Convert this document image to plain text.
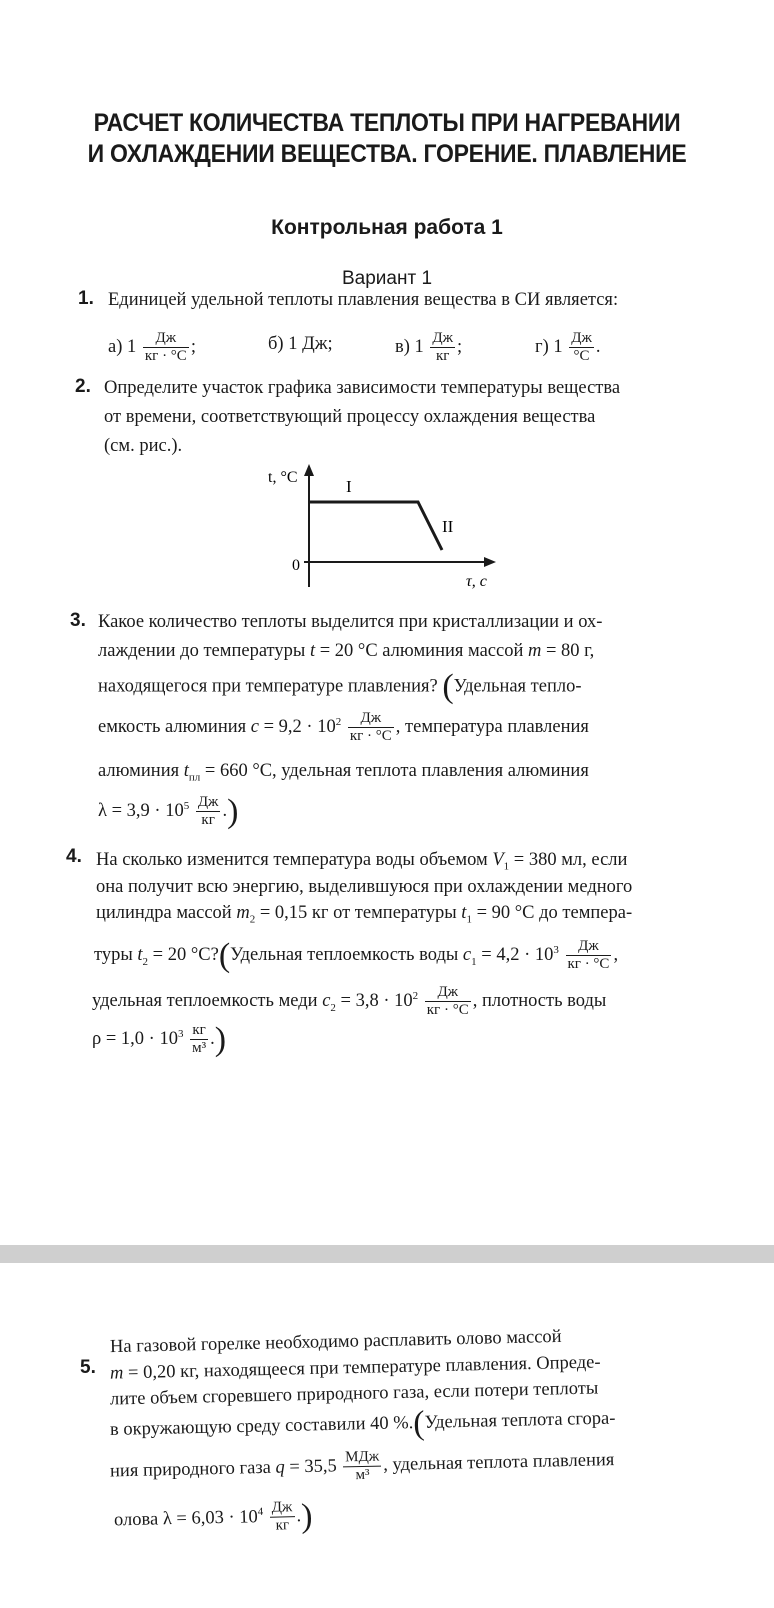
РАСЧЕТ КОЛИЧЕСТВА ТЕПЛОТЫ ПРИ НАГРЕВАНИИ
И ОХЛАЖДЕНИИ ВЕЩЕСТВА. ГОРЕНИЕ. ПЛАВЛЕНИЕ
Контрольная работа 1
Вариант 1
1. Единицей удельной теплоты плавления вещества в СИ является:
а) $1 \frac{Дж}{кг \cdot ^\circ С}$ ;	б) 1 Дж;	в) $1 \frac{Дж}{кг}$ ;	г) $1 \frac{Дж}{^\circ С}$ .
2. Определите участок графика зависимости температуры вещества
от времени, соответствующий процессу охлаждения вещества
(см. рис.).
t, °С
0
I
II
τ, с
3. Какое количество теплоты выделится при кристаллизации и ох-
лаждении до температуры t = 20 °С алюминия массой m = 80 г,
находящегося при температуре плавления? (Удельная тепло-
емкость алюминия $c = 9,2 \cdot 10^2 \frac{Дж}{кг \cdot ^\circ С}$ , температура плавления
алюминия $t_{пл} = 660$ °С, удельная теплота плавления алюминия
$\lambda = 3,9 \cdot 10^5 \frac{Дж}{кг}$ .)
4. На сколько изменится температура воды объемом $V_1 = 380$ мл, если
она получит всю энергию, выделившуюся при охлаждении медного
цилиндра массой $m_2 = 0,15$ кг от температуры $t_1 = 90$ °С до темпера-
туры $t_2 = 20$ °С?(Удельная теплоемкость воды $c_1 = 4,2 \cdot 10^3 \frac{Дж}{кг \cdot ^\circ С}$ ,
удельная теплоемкость меди $c_2 = 3,8 \cdot 10^2 \frac{Дж}{кг \cdot ^\circ С}$ , плотность воды
$\rho = 1,0 \cdot 10^3 \frac{кг}{\text{м³}}$ .)
5.
На газовой горелке необходимо расплавить олово массой
m = 0,20 кг, находящееся при температуре плавления. Опреде-
лите объем сгоревшего природного газа, если потери теплоты
в окружающую среду составили 40 %.(Удельная теплота сгора-
ния природного газа $q = 35,5 \frac{\text{МДж}}{\text{м³}}$ , удельная теплота плавления
олова $\lambda = 6,03 \cdot 10^4 \frac{Дж}{кг}$ .)
